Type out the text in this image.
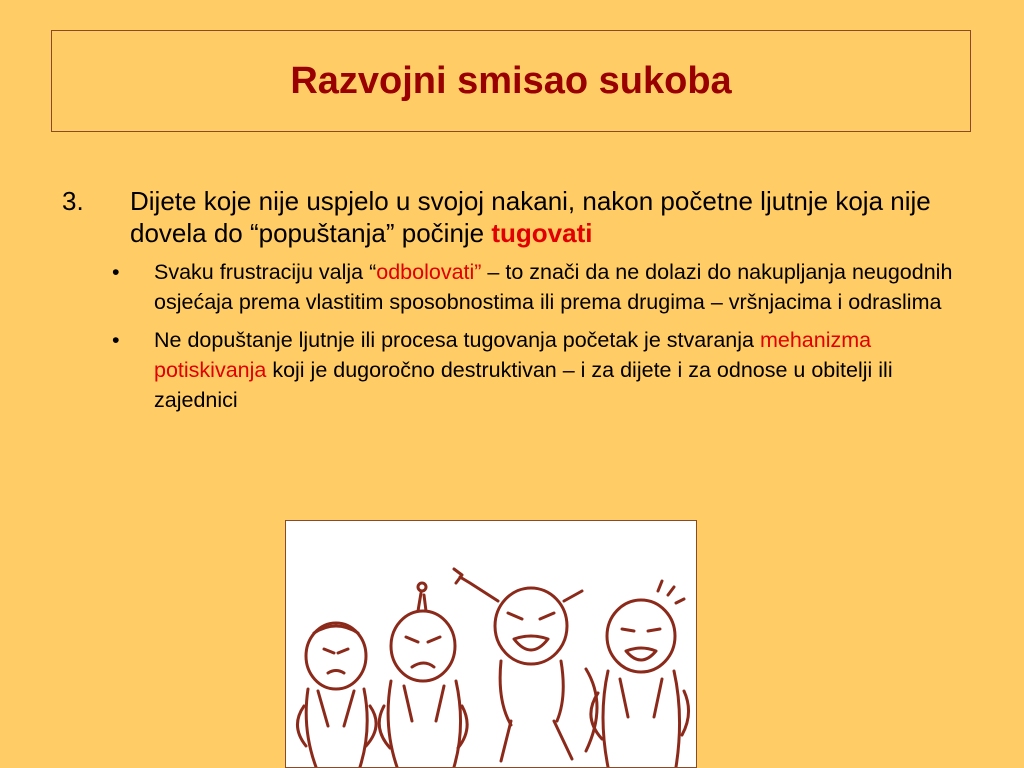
Razvojni smisao sukoba
3.	Dijete koje nije uspjelo u svojoj nakani, nakon početne ljutnje koja nije dovela do “popuštanja” počinje tugovati
•	Svaku frustraciju valja “odbolovati” – to znači da ne dolazi do nakupljanja neugodnih osjećaja prema vlastitim sposobnostima ili prema drugima – vršnjacima i odraslima
•	Ne dopuštanje ljutnje ili procesa tugovanja početak je stvaranja mehanizma potiskivanja koji je dugoročno destruktivan – i za dijete i za odnose u obitelji ili zajednici
